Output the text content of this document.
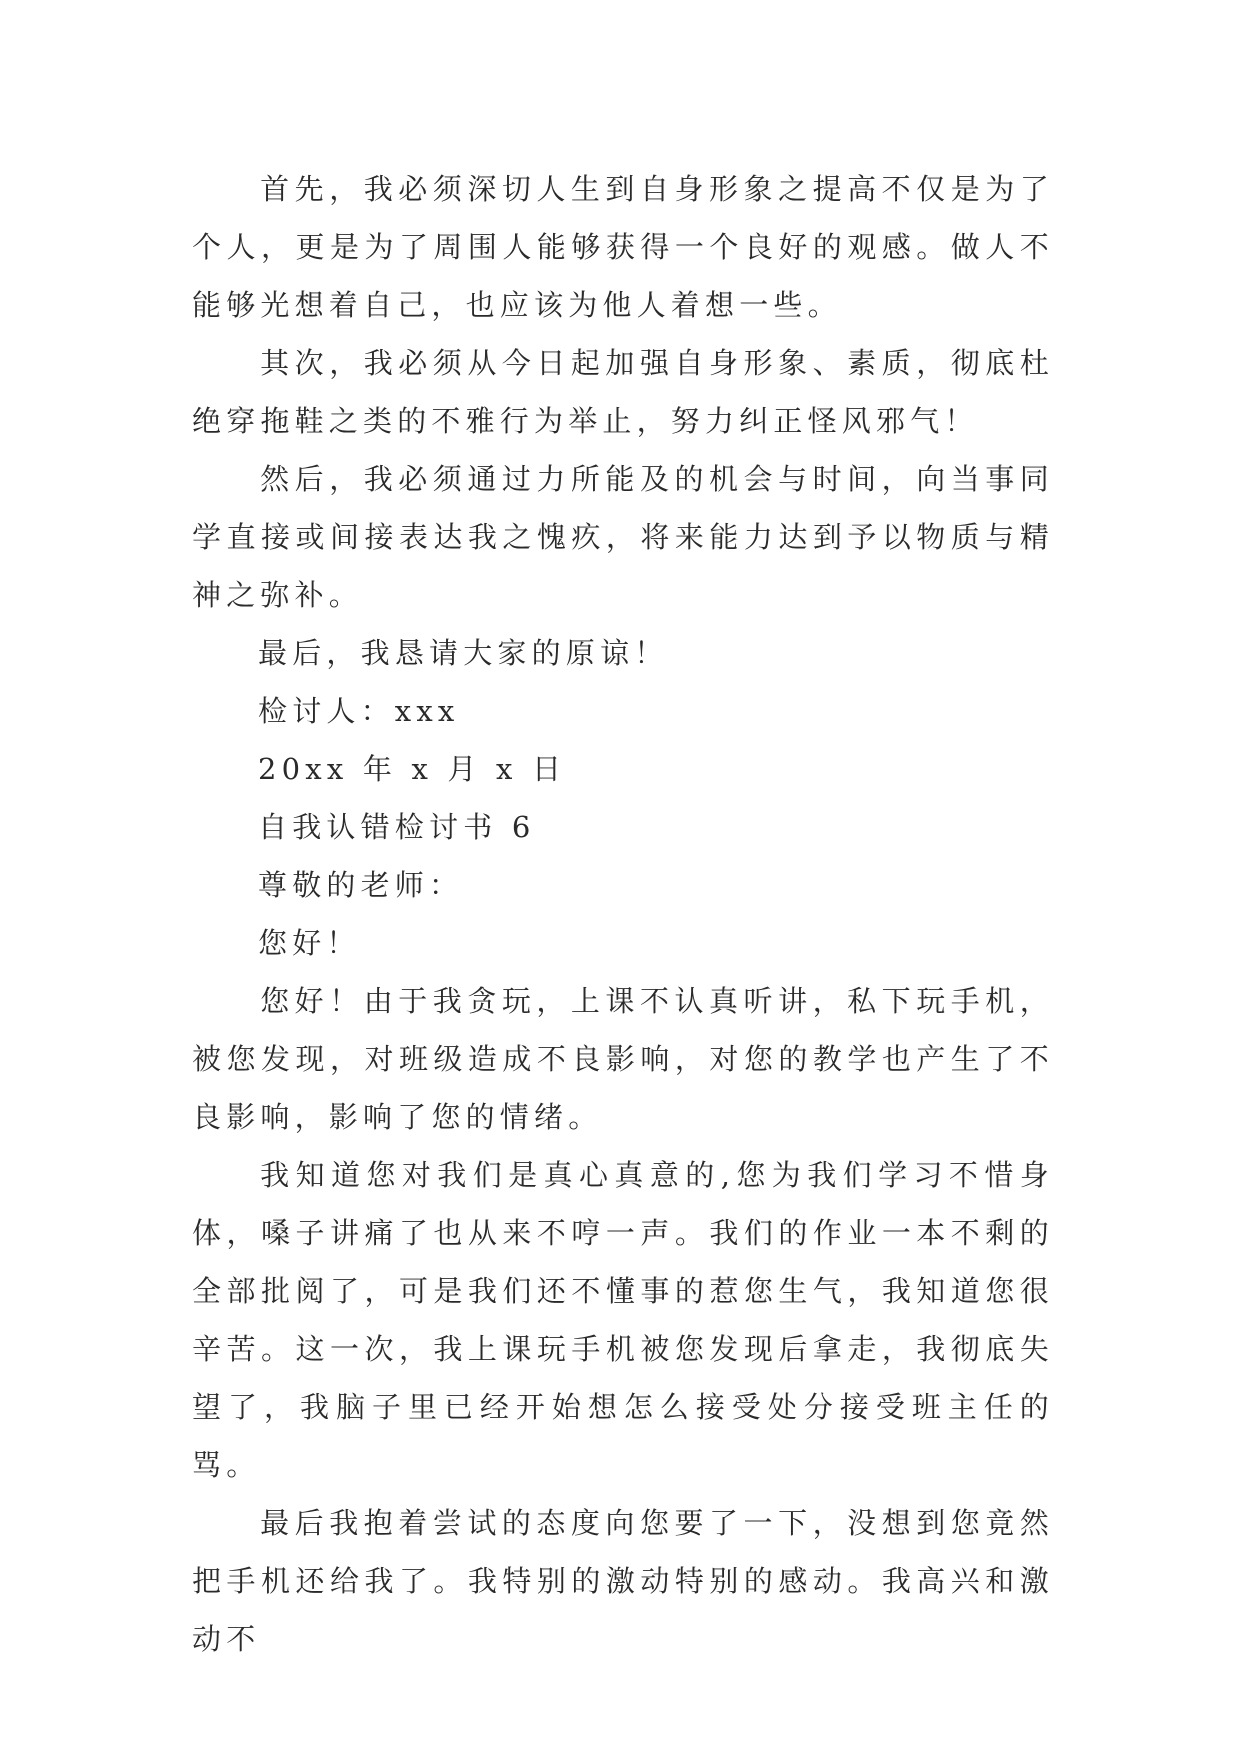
首先，我必须深切人生到自身形象之提高不仅是为了个人，更是为了周围人能够获得一个良好的观感。做人不能够光想着自己，也应该为他人着想一些。

其次，我必须从今日起加强自身形象、素质，彻底杜绝穿拖鞋之类的不雅行为举止，努力纠正怪风邪气！

然后，我必须通过力所能及的机会与时间，向当事同学直接或间接表达我之愧疚，将来能力达到予以物质与精神之弥补。

最后，我恳请大家的原谅！

检讨人：xxx

20xx 年 x 月 x 日

自我认错检讨书 6

尊敬的老师：

您好！

您好！由于我贪玩，上课不认真听讲，私下玩手机，被您发现，对班级造成不良影响，对您的教学也产生了不良影响，影响了您的情绪。

我知道您对我们是真心真意的,您为我们学习不惜身体，嗓子讲痛了也从来不哼一声。我们的作业一本不剩的全部批阅了，可是我们还不懂事的惹您生气，我知道您很辛苦。这一次，我上课玩手机被您发现后拿走，我彻底失望了，我脑子里已经开始想怎么接受处分接受班主任的骂。

最后我抱着尝试的态度向您要了一下，没想到您竟然把手机还给我了。我特别的激动特别的感动。我高兴和激动不
